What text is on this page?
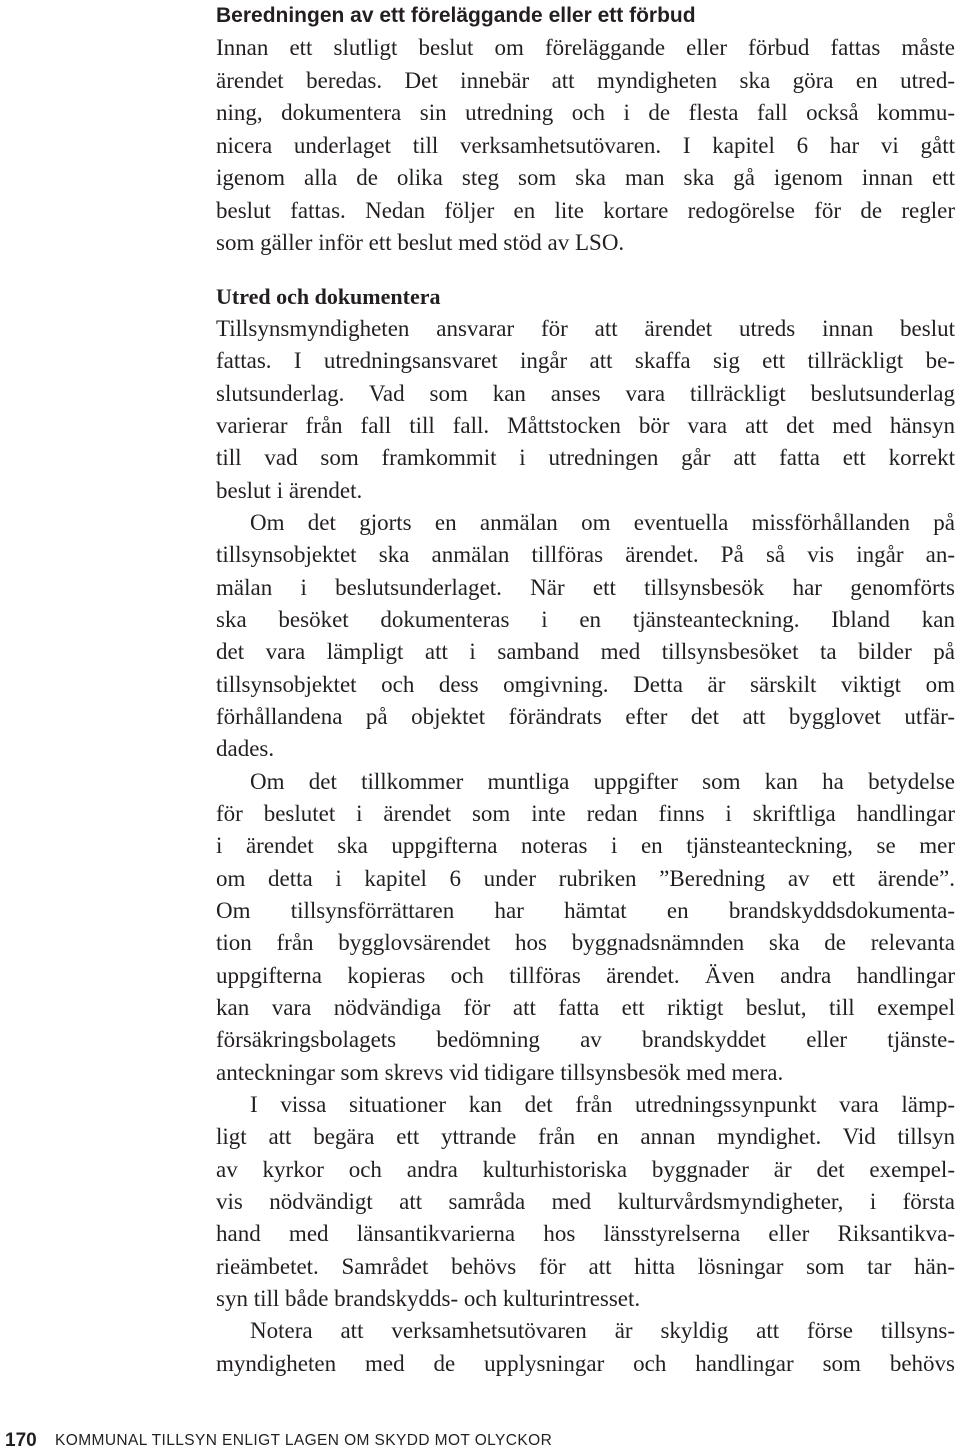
Beredningen av ett föreläggande eller ett förbud
Innan ett slutligt beslut om föreläggande eller förbud fattas måste
ärendet beredas. Det innebär att myndigheten ska göra en utred-
ning, dokumentera sin utredning och i de flesta fall också kommu-
nicera underlaget till verksamhetsutövaren. I kapitel 6 har vi gått
igenom alla de olika steg som ska man ska gå igenom innan ett
beslut fattas. Nedan följer en lite kortare redogörelse för de regler
som gäller inför ett beslut med stöd av LSO.
Utred och dokumentera
Tillsynsmyndigheten ansvarar för att ärendet utreds innan beslut
fattas. I utredningsansvaret ingår att skaffa sig ett tillräckligt be-
slutsunderlag. Vad som kan anses vara tillräckligt beslutsunderlag
varierar från fall till fall. Måttstocken bör vara att det med hänsyn
till vad som framkommit i utredningen går att fatta ett korrekt
beslut i ärendet.
Om det gjorts en anmälan om eventuella missförhållanden på
tillsynsobjektet ska anmälan tillföras ärendet. På så vis ingår an-
mälan i beslutsunderlaget. När ett tillsynsbesök har genomförts
ska besöket dokumenteras i en tjänsteanteckning. Ibland kan
det vara lämpligt att i samband med tillsynsbesöket ta bilder på
tillsynsobjektet och dess omgivning. Detta är särskilt viktigt om
förhållandena på objektet förändrats efter det att bygglovet utfär-
dades.
Om det tillkommer muntliga uppgifter som kan ha betydelse
för beslutet i ärendet som inte redan finns i skriftliga handlingar
i ärendet ska uppgifterna noteras i en tjänsteanteckning, se mer
om detta i kapitel 6 under rubriken ”Beredning av ett ärende”.
Om tillsynsförrättaren har hämtat en brandskyddsdokumenta-
tion från bygglovsärendet hos byggnadsnämnden ska de relevanta
uppgifterna kopieras och tillföras ärendet. Även andra handlingar
kan vara nödvändiga för att fatta ett riktigt beslut, till exempel
försäkringsbolagets bedömning av brandskyddet eller tjänste-
anteckningar som skrevs vid tidigare tillsynsbesök med mera.
I vissa situationer kan det från utredningssynpunkt vara lämp-
ligt att begära ett yttrande från en annan myndighet. Vid tillsyn
av kyrkor och andra kulturhistoriska byggnader är det exempel-
vis nödvändigt att samråda med kulturvårdsmyndigheter, i första
hand med länsantikvarierna hos länsstyrelserna eller Riksantikva-
rieämbetet. Samrådet behövs för att hitta lösningar som tar hän-
syn till både brandskydds- och kulturintresset.
Notera att verksamhetsutövaren är skyldig att förse tillsyns-
myndigheten med de upplysningar och handlingar som behövs
170 KOMMUNAL TILLSYN ENLIGT LAGEN OM SKYDD MOT OLYCKOR
